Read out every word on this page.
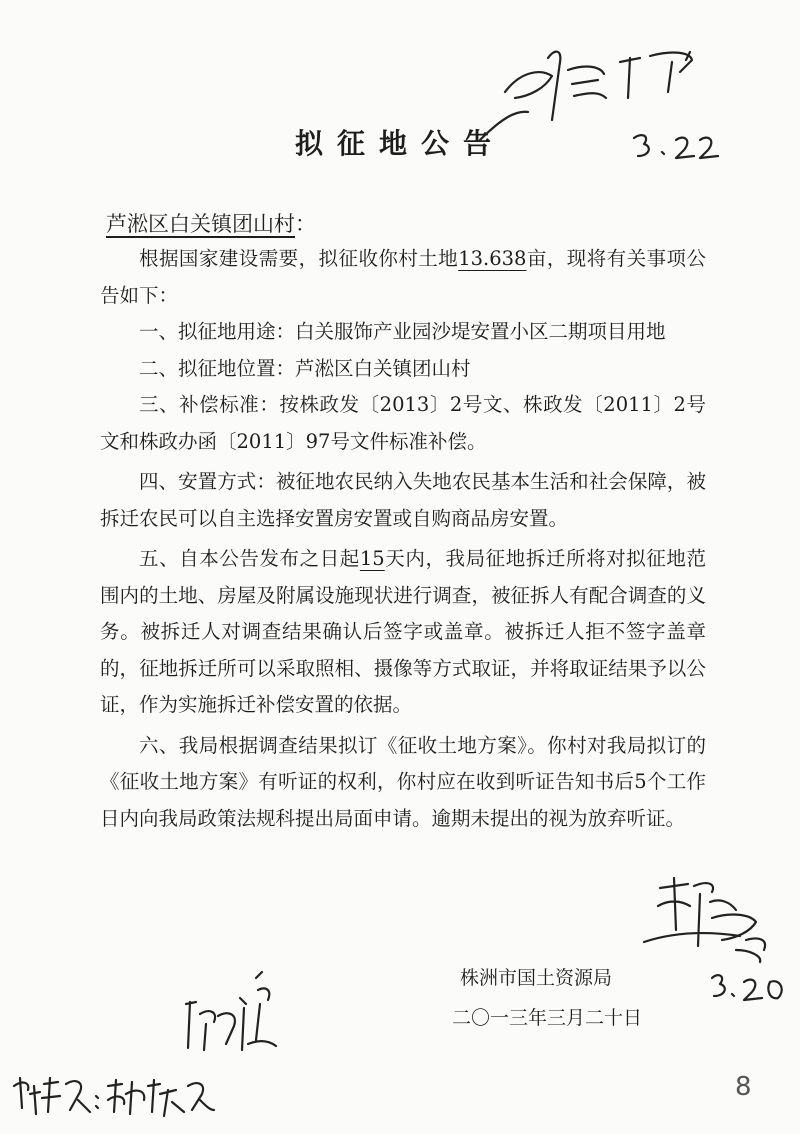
拟征地公告
芦淞区白关镇团山村：

根据国家建设需要，拟征收你村土地13.638亩，现将有关事项公告如下：

一、拟征地用途：白关服饰产业园沙堤安置小区二期项目用地

二、拟征地位置：芦淞区白关镇团山村

三、补偿标准：按株政发〔2013〕2号文、株政发〔2011〕2号文和株政办函〔2011〕97号文件标准补偿。

四、安置方式：被征地农民纳入失地农民基本生活和社会保障，被拆迁农民可以自主选择安置房安置或自购商品房安置。

五、自本公告发布之日起15天内，我局征地拆迁所将对拟征地范围内的土地、房屋及附属设施现状进行调查，被征拆人有配合调查的义务。被拆迁人对调查结果确认后签字或盖章。被拆迁人拒不签字盖章的，征地拆迁所可以采取照相、摄像等方式取证，并将取证结果予以公证，作为实施拆迁补偿安置的依据。

六、我局根据调查结果拟订《征收土地方案》。你村对我局拟订的《征收土地方案》有听证的权利，你村应在收到听证告知书后5个工作日内向我局政策法规科提出局面申请。逾期未提出的视为放弃听证。

株洲市国土资源局
二〇一三年三月二十日
8
